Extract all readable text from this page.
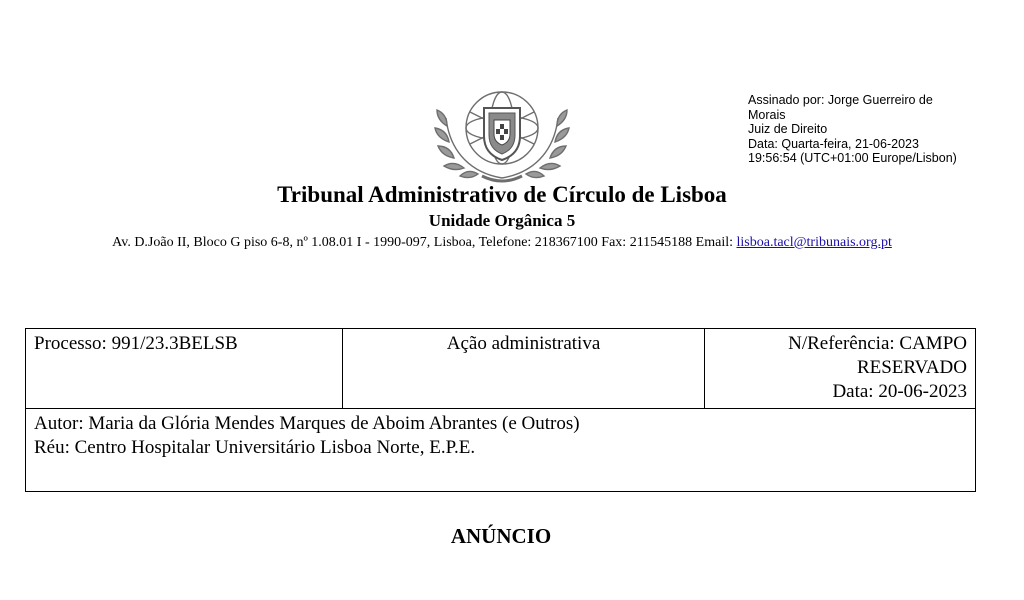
Assinado por: Jorge Guerreiro de
Morais
Juiz de Direito
Data: Quarta-feira, 21-06-2023
19:56:54 (UTC+01:00 Europe/Lisbon)
Tribunal Administrativo de Círculo de Lisboa
Unidade Orgânica 5
Av. D.João II, Bloco G piso 6-8, nº 1.08.01 I - 1990-097, Lisboa, Telefone: 218367100 Fax: 211545188 Email: lisboa.tacl@tribunais.org.pt
Processo: 991/23.3BELSB	Ação administrativa	N/Referência: CAMPO
RESERVADO
Data: 20-06-2023

Autor: Maria da Glória Mendes Marques de Aboim Abrantes (e Outros)
Réu: Centro Hospitalar Universitário Lisboa Norte, E.P.E.
ANÚNCIO
